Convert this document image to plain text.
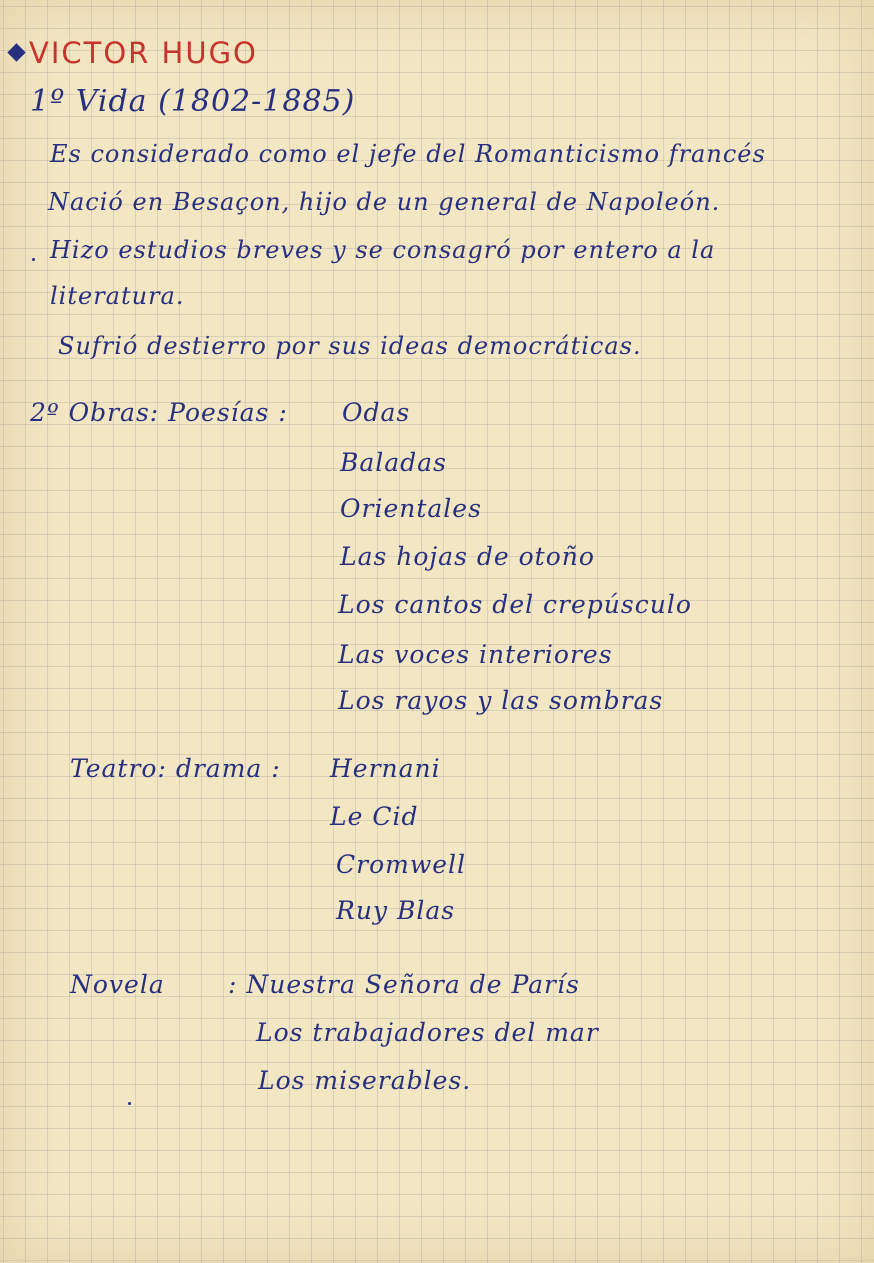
VICTOR HUGO
1º Vida (1802-1885)
Es considerado como el jefe del Romanticismo francés
Nació en Besaçon, hijo de un general de Napoleón.
Hizo estudios breves y se consagró por entero a la
literatura.
Sufrió destierro por sus ideas democráticas.
2º Obras: Poesías : Odas
Baladas
Orientales
Las hojas de otoño
Los cantos del crepúsculo
Las voces interiores
Los rayos y las sombras
Teatro: drama : Hernani
Le Cid
Cromwell
Ruy Blas
Novela	: Nuestra Señora de París
Los trabajadores del mar
Los miserables.
